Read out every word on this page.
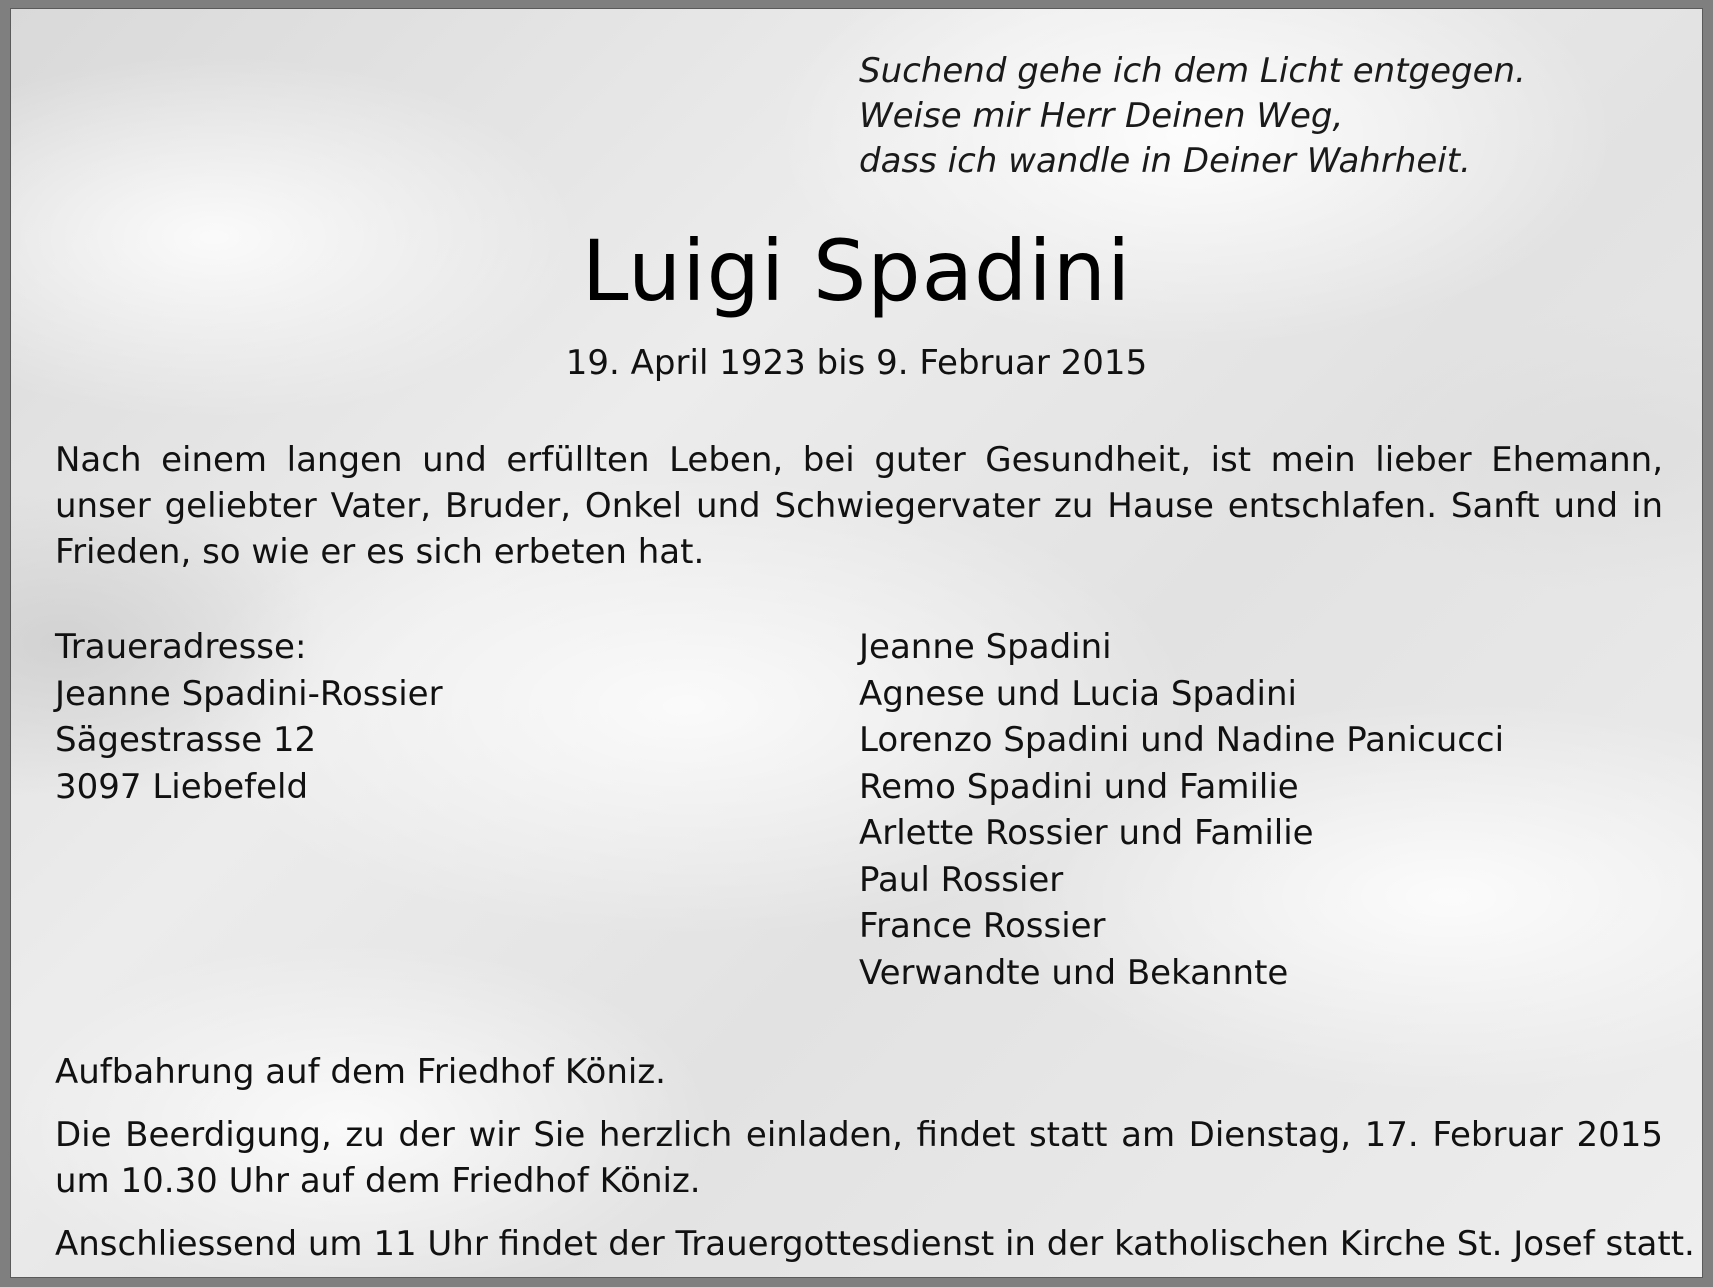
Suchend gehe ich dem Licht entgegen.
Weise mir Herr Deinen Weg,
dass ich wandle in Deiner Wahrheit.
Luigi Spadini
19. April 1923 bis 9. Februar 2015
Nach einem langen und erfüllten Leben, bei guter Gesundheit, ist mein lieber Ehemann, unser geliebter Vater, Bruder, Onkel und Schwiegervater zu Hause entschlafen. Sanft und in Frieden, so wie er es sich erbeten hat.
Traueradresse:
Jeanne Spadini-Rossier
Sägestrasse 12
3097 Liebefeld
Jeanne Spadini
Agnese und Lucia Spadini
Lorenzo Spadini und Nadine Panicucci
Remo Spadini und Familie
Arlette Rossier und Familie
Paul Rossier
France Rossier
Verwandte und Bekannte
Aufbahrung auf dem Friedhof Köniz.
Die Beerdigung, zu der wir Sie herzlich einladen, findet statt am Dienstag, 17. Februar 2015 um 10.30 Uhr auf dem Friedhof Köniz.
Anschliessend um 11 Uhr findet der Trauergottesdienst in der katholischen Kirche St. Josef statt.
